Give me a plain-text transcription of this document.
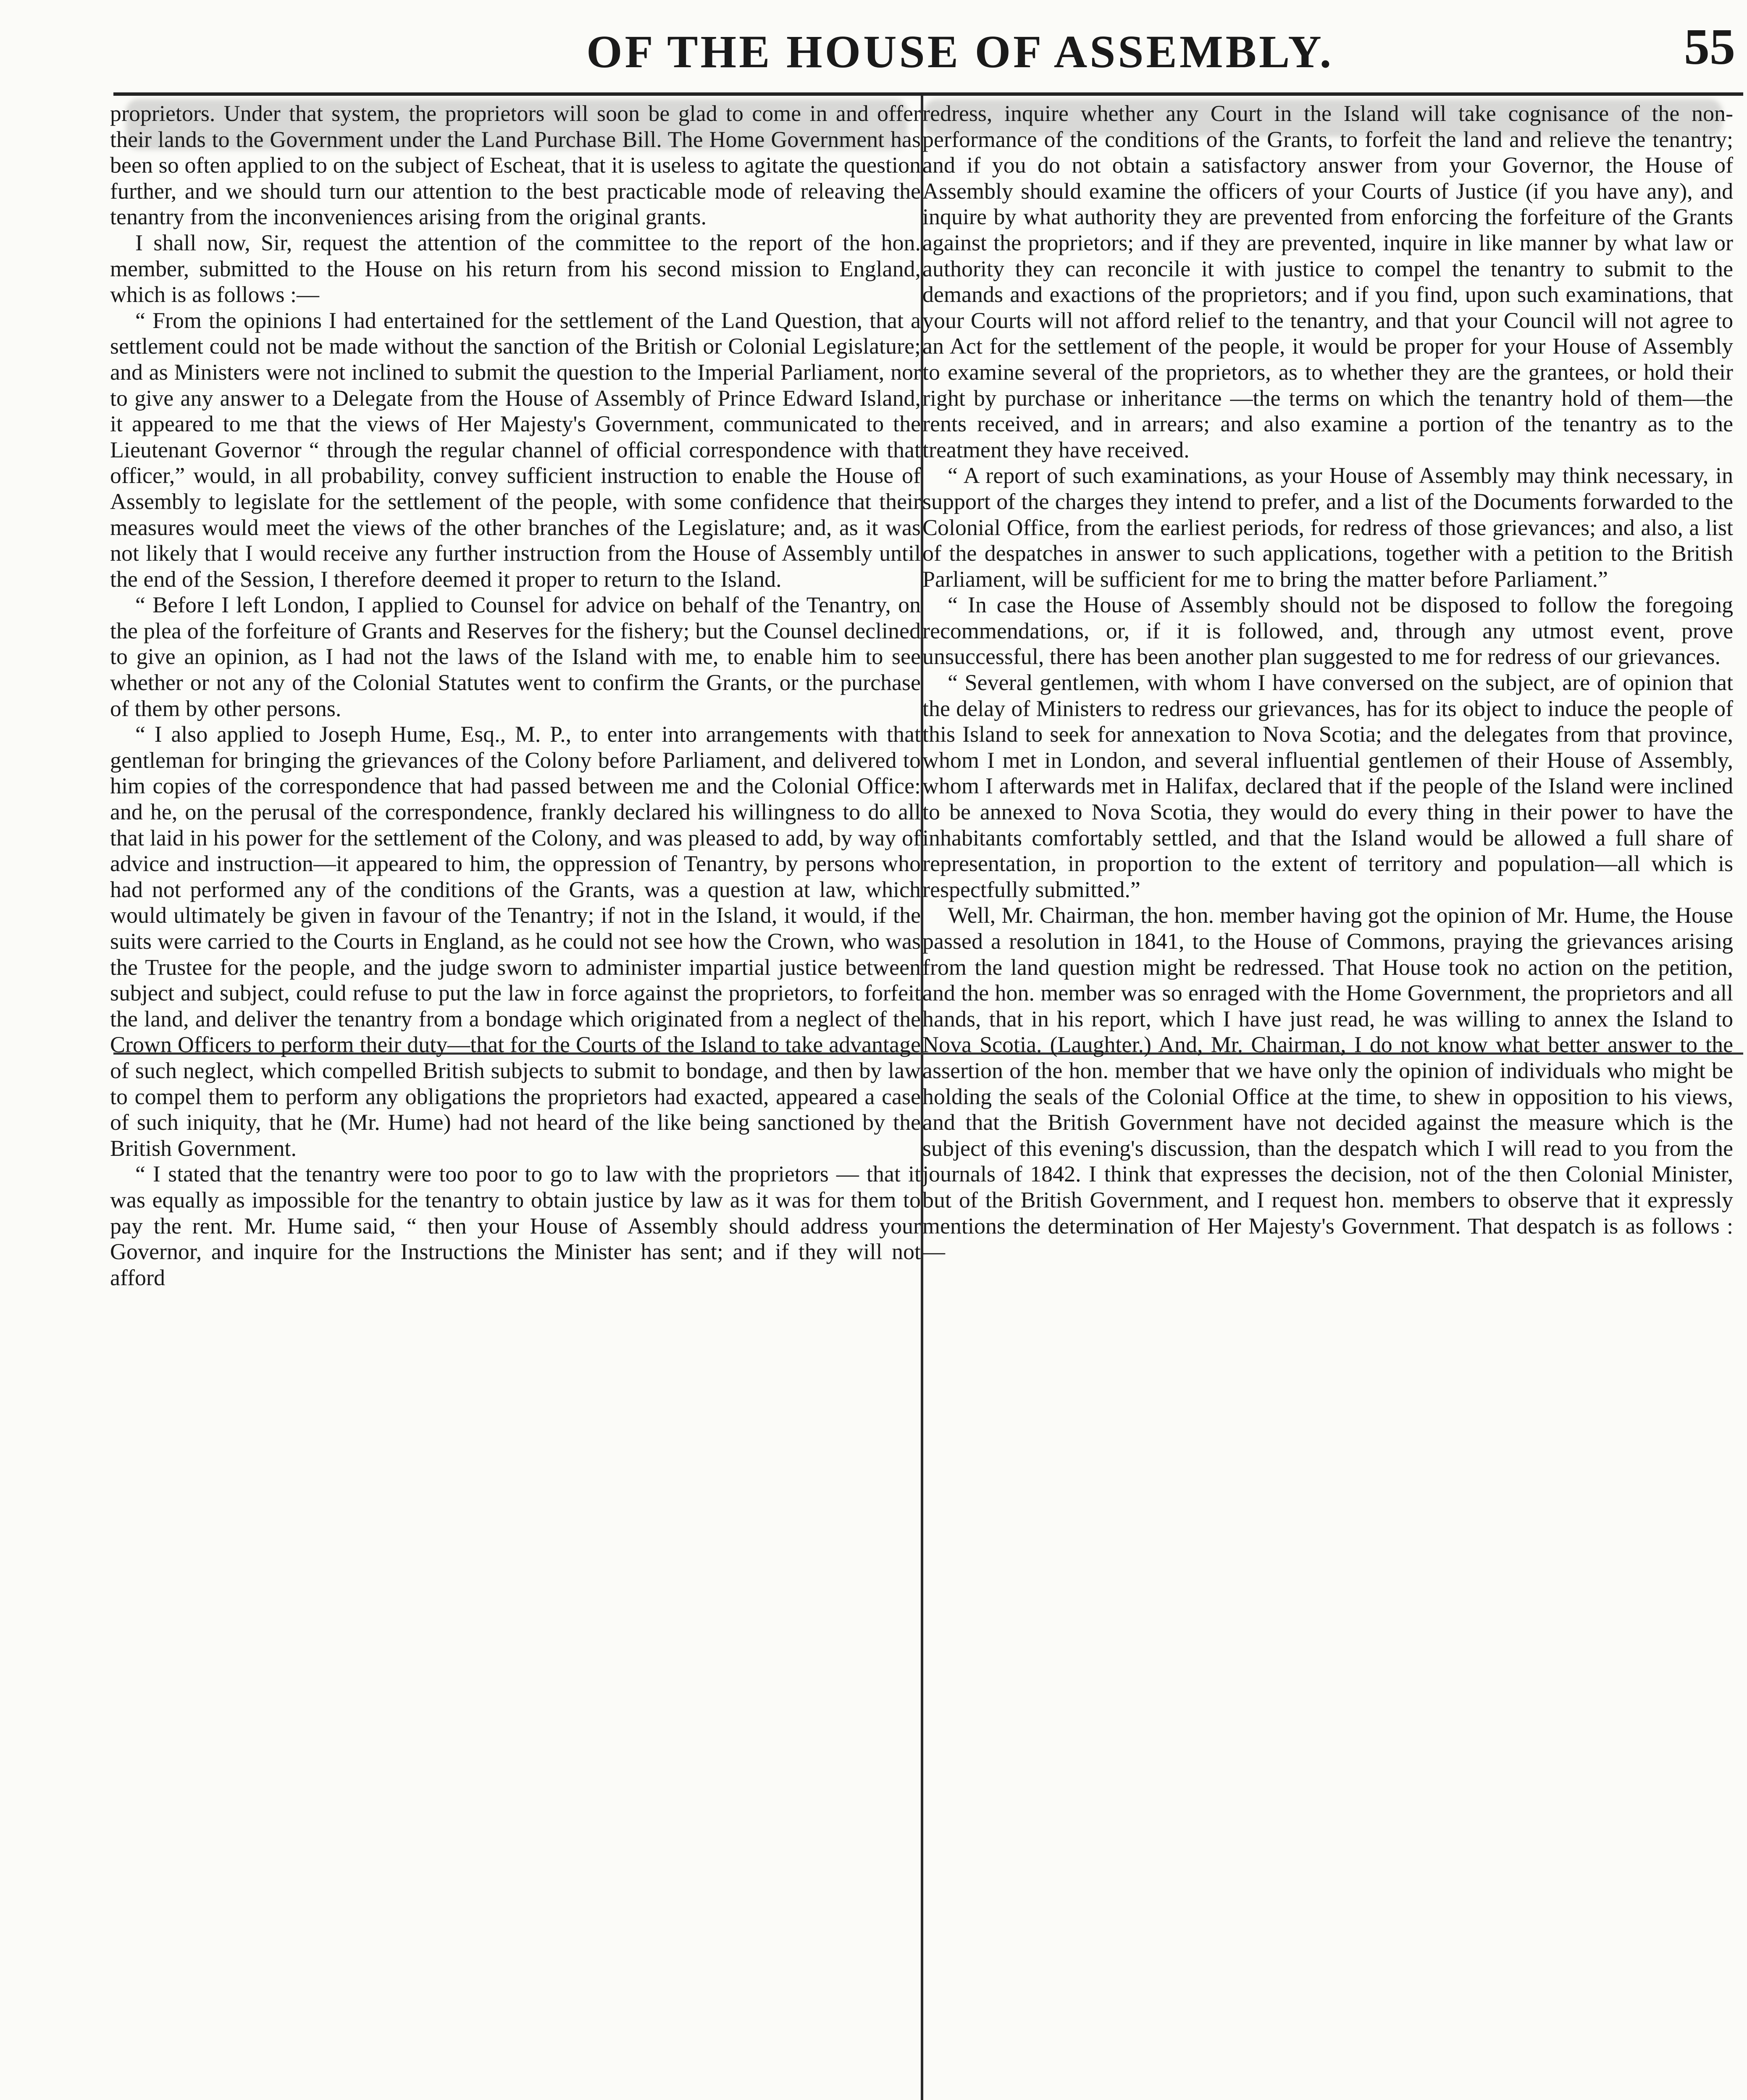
OF THE HOUSE OF ASSEMBLY.	55

proprietors. Under that system, the proprietors will soon be glad to come in and offer their lands to the Government under the Land Purchase Bill. The Home Government has been so often applied to on the subject of Escheat, that it is useless to agitate the question further, and we should turn our attention to the best practicable mode of releaving the tenantry from the inconveniences arising from the original grants.

I shall now, Sir, request the attention of the committee to the report of the hon. member, submitted to the House on his return from his second mission to England, which is as follows :—

“ From the opinions I had entertained for the settlement of the Land Question, that a settlement could not be made without the sanction of the British or Colonial Legislature; and as Ministers were not inclined to submit the question to the Imperial Parliament, nor to give any answer to a Delegate from the House of Assembly of Prince Edward Island, it appeared to me that the views of Her Majesty's Government, communicated to the Lieutenant Governor “ through the regular channel of official correspondence with that officer,” would, in all probability, convey sufficient instruction to enable the House of Assembly to legislate for the settlement of the people, with some confidence that their measures would meet the views of the other branches of the Legislature; and, as it was not likely that I would receive any further instruction from the House of Assembly until the end of the Session, I therefore deemed it proper to return to the Island.

“ Before I left London, I applied to Counsel for advice on behalf of the Tenantry, on the plea of the forfeiture of Grants and Reserves for the fishery; but the Counsel declined to give an opinion, as I had not the laws of the Island with me, to enable him to see whether or not any of the Colonial Statutes went to confirm the Grants, or the purchase of them by other persons.

“ I also applied to Joseph Hume, Esq., M. P., to enter into arrangements with that gentleman for bringing the grievances of the Colony before Parliament, and delivered to him copies of the correspondence that had passed between me and the Colonial Office: and he, on the perusal of the correspondence, frankly declared his willingness to do all that laid in his power for the settlement of the Colony, and was pleased to add, by way of advice and instruction—it appeared to him, the oppression of Tenantry, by persons who had not performed any of the conditions of the Grants, was a question at law, which would ultimately be given in favour of the Tenantry; if not in the Island, it would, if the suits were carried to the Courts in England, as he could not see how the Crown, who was the Trustee for the people, and the judge sworn to administer impartial justice between subject and subject, could refuse to put the law in force against the proprietors, to forfeit the land, and deliver the tenantry from a bondage which originated from a neglect of the Crown Officers to perform their duty—that for the Courts of the Island to take advantage of such neglect, which compelled British subjects to submit to bondage, and then by law to compel them to perform any obligations the proprietors had exacted, appeared a case of such iniquity, that he (Mr. Hume) had not heard of the like being sanctioned by the British Government.

“ I stated that the tenantry were too poor to go to law with the proprietors — that it was equally as impossible for the tenantry to obtain justice by law as it was for them to pay the rent. Mr. Hume said, “ then your House of Assembly should address your Governor, and inquire for the Instructions the Minister has sent; and if they will not afford

redress, inquire whether any Court in the Island will take cognisance of the non-performance of the conditions of the Grants, to forfeit the land and relieve the tenantry; and if you do not obtain a satisfactory answer from your Governor, the House of Assembly should examine the officers of your Courts of Justice (if you have any), and inquire by what authority they are prevented from enforcing the forfeiture of the Grants against the proprietors; and if they are prevented, inquire in like manner by what law or authority they can reconcile it with justice to compel the tenantry to submit to the demands and exactions of the proprietors; and if you find, upon such examinations, that your Courts will not afford relief to the tenantry, and that your Council will not agree to an Act for the settlement of the people, it would be proper for your House of Assembly to examine several of the proprietors, as to whether they are the grantees, or hold their right by purchase or inheritance —the terms on which the tenantry hold of them—the rents received, and in arrears; and also examine a portion of the tenantry as to the treatment they have received.

“ A report of such examinations, as your House of Assembly may think necessary, in support of the charges they intend to prefer, and a list of the Documents forwarded to the Colonial Office, from the earliest periods, for redress of those grievances; and also, a list of the despatches in answer to such applications, together with a petition to the British Parliament, will be sufficient for me to bring the matter before Parliament.”

“ In case the House of Assembly should not be disposed to follow the foregoing recommendations, or, if it is followed, and, through any utmost event, prove unsuccessful, there has been another plan suggested to me for redress of our grievances.

“ Several gentlemen, with whom I have conversed on the subject, are of opinion that the delay of Ministers to redress our grievances, has for its object to induce the people of this Island to seek for annexation to Nova Scotia; and the delegates from that province, whom I met in London, and several influential gentlemen of their House of Assembly, whom I afterwards met in Halifax, declared that if the people of the Island were inclined to be annexed to Nova Scotia, they would do every thing in their power to have the inhabitants comfortably settled, and that the Island would be allowed a full share of representation, in proportion to the extent of territory and population—all which is respectfully submitted.”

Well, Mr. Chairman, the hon. member having got the opinion of Mr. Hume, the House passed a resolution in 1841, to the House of Commons, praying the grievances arising from the land question might be redressed. That House took no action on the petition, and the hon. member was so enraged with the Home Government, the proprietors and all hands, that in his report, which I have just read, he was willing to annex the Island to Nova Scotia. (Laughter.) And, Mr. Chairman, I do not know what better answer to the assertion of the hon. member that we have only the opinion of individuals who might be holding the seals of the Colonial Office at the time, to shew in opposition to his views, and that the British Government have not decided against the measure which is the subject of this evening's discussion, than the despatch which I will read to you from the journals of 1842. I think that expresses the decision, not of the then Colonial Minister, but of the British Government, and I request hon. members to observe that it expressly mentions the determination of Her Majesty's Government. That despatch is as follows :—
